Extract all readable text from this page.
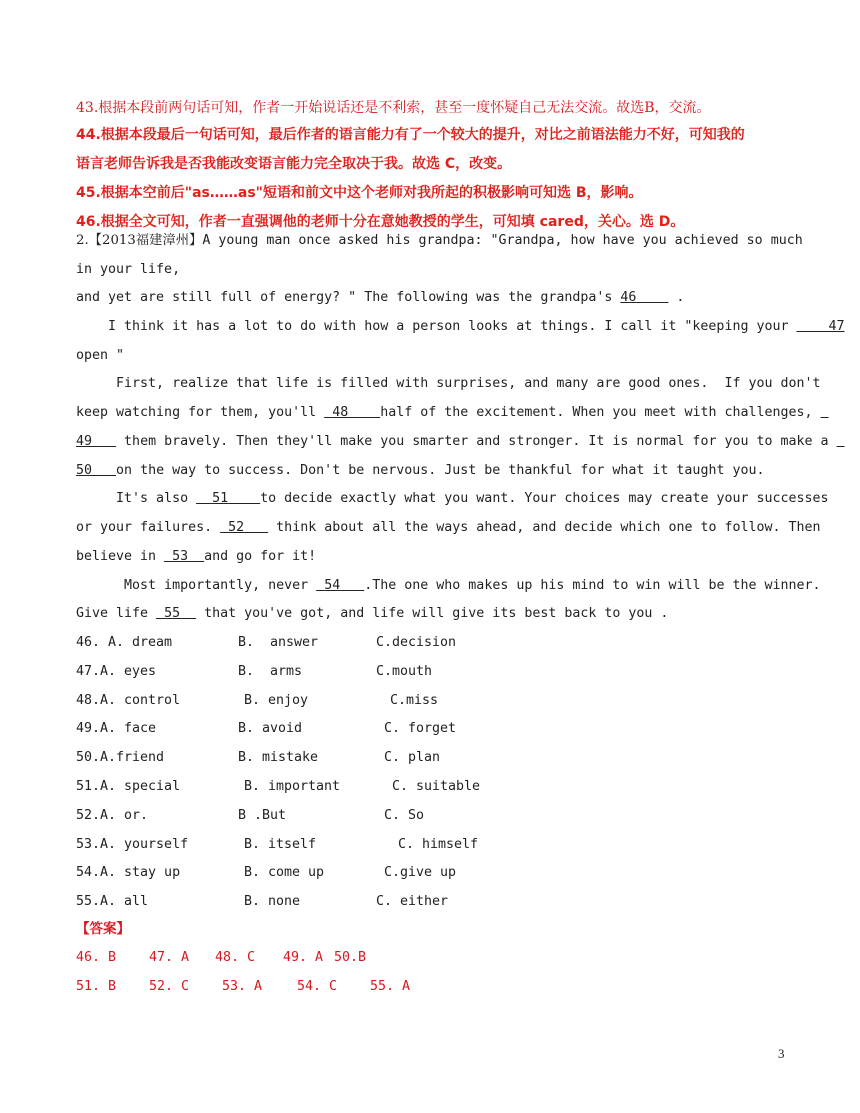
43.根据本段前两句话可知，作者一开始说话还是不利索，甚至一度怀疑自己无法交流。故选B，交流。
44.根据本段最后一句话可知，最后作者的语言能力有了一个较大的提升，对比之前语法能力不好，可知我的
语言老师告诉我是否我能改变语言能力完全取决于我。故选 C，改变。
45.根据本空前后"as……as"短语和前文中这个老师对我所起的积极影响可知选 B，影响。
46.根据全文可知，作者一直强调他的老师十分在意她教授的学生，可知填 cared，关心。选 D。
2.【2013福建漳州】A young man once asked his grandpa: "Grandpa, how have you achieved so much
in your life,
and yet are still full of energy? " The following was the grandpa's 46     .
I think it has a lot to do with how a person looks at things. I call it "keeping your     47
open "
First, realize that life is filled with surprises, and many are good ones.  If you don't
keep watching for them, you'll  48 half of the excitement. When you meet with challenges,
49    them bravely. Then they'll make you smarter and stronger. It is normal for you to make a
50 on the way to success. Don't be nervous. Just be thankful for what it taught you.
It's also   51 to decide exactly what you want. Your choices may create your successes
or your failures.  52    think about all the ways ahead, and decide which one to follow. Then
believe in  53 and go for it!
Most importantly, never  54 .The one who makes up his mind to win will be the winner.
Give life  55   that you've got, and life will give its best back to you .
46. A. dream	B.  answer	C.decision
47.A. eyes	B.  arms	C.mouth
48.A. control	B. enjoy	C.miss
49.A. face	B. avoid	C. forget
50.A.friend	B. mistake	C. plan
51.A. special	B. important	C. suitable
52.A. or.	B .But	C. So
53.A. yourself	B. itself	C. himself
54.A. stay up	B. come up	C.give up
55.A. all	B. none	C. either
【答案】
46. B 47. A 48. C 49. A 50.B
51. B 52. C 53. A	54. C 55. A
3
